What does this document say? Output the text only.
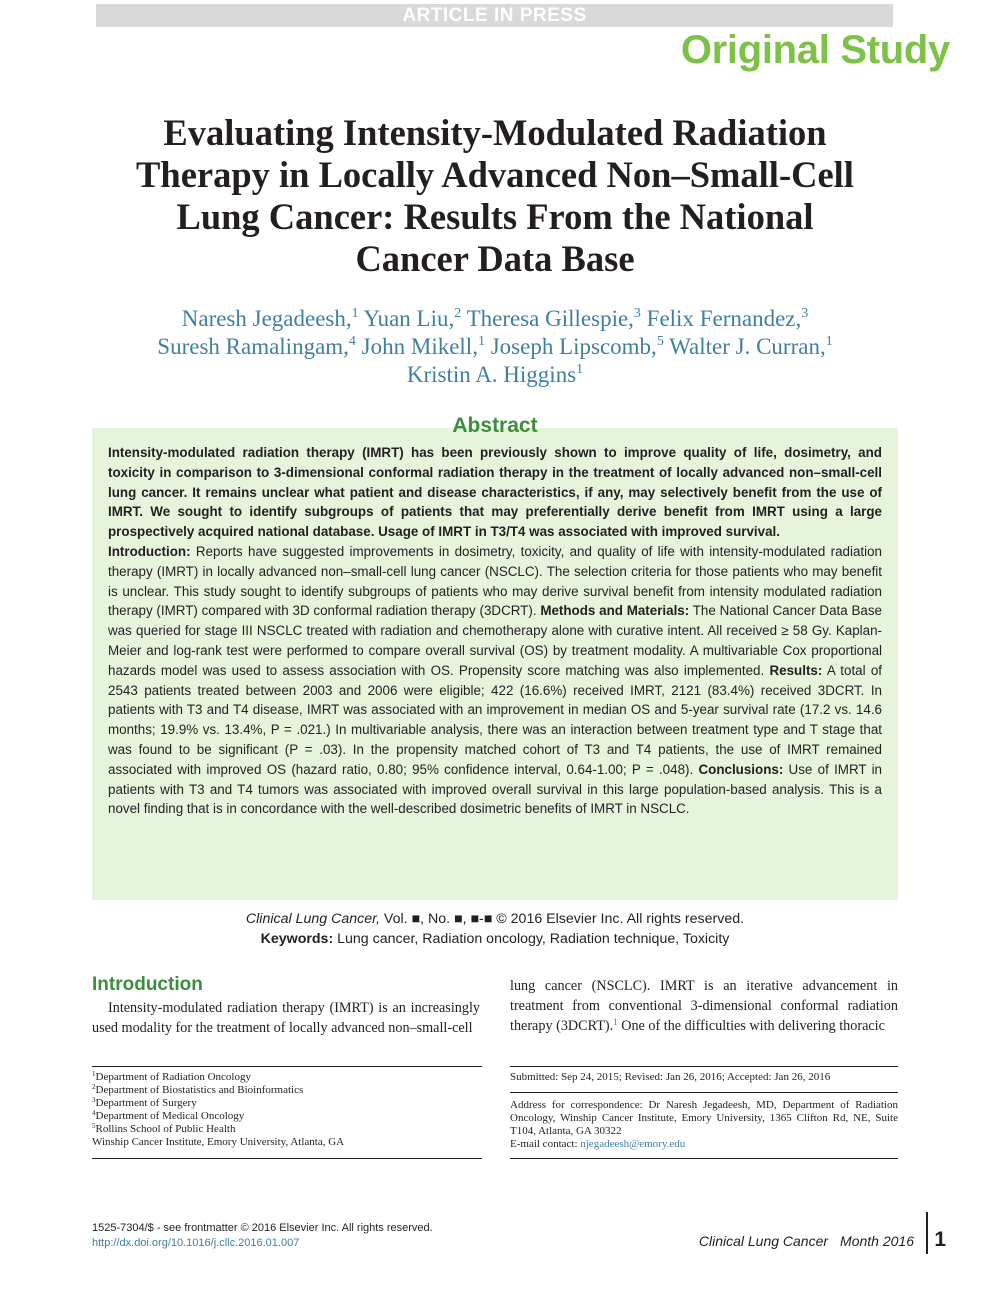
ARTICLE IN PRESS
Original Study
Evaluating Intensity-Modulated Radiation
Therapy in Locally Advanced Non–Small-Cell
Lung Cancer: Results From the National
Cancer Data Base
Naresh Jegadeesh,$^1$ Yuan Liu,$^2$ Theresa Gillespie,$^3$ Felix Fernandez,$^3$
Suresh Ramalingam,$^4$ John Mikell,$^1$ Joseph Lipscomb,$^5$ Walter J. Curran,$^1$
Kristin A. Higgins$^1$

Intensity-modulated radiation therapy (IMRT) has been previously shown to improve quality of life, dosimetry, and toxicity in comparison to 3-dimensional conformal radiation therapy in the treatment of locally advanced non–small-cell lung cancer. It remains unclear what patient and disease characteristics, if any, may selectively benefit from the use of IMRT. We sought to identify subgroups of patients that may preferentially derive benefit from IMRT using a large prospectively acquired national database. Usage of IMRT in T3/T4 was associated with improved survival.

Introduction: Reports have suggested improvements in dosimetry, toxicity, and quality of life with intensity-modulated radiation therapy (IMRT) in locally advanced non–small-cell lung cancer (NSCLC). The selection criteria for those patients who may benefit is unclear. This study sought to identify subgroups of patients who may derive survival benefit from intensity modulated radiation therapy (IMRT) compared with 3D conformal radiation therapy (3DCRT). Methods and Materials: The National Cancer Data Base was queried for stage III NSCLC treated with radiation and chemotherapy alone with curative intent. All received ≥ 58 Gy. Kaplan-Meier and log-rank test were performed to compare overall survival (OS) by treatment modality. A multivariable Cox proportional hazards model was used to assess association with OS. Propensity score matching was also implemented. Results: A total of 2543 patients treated between 2003 and 2006 were eligible; 422 (16.6%) received IMRT, 2121 (83.4%) received 3DCRT. In patients with T3 and T4 disease, IMRT was associated with an improvement in median OS and 5-year survival rate (17.2 vs. 14.6 months; 19.9% vs. 13.4%, P = .021.) In multivariable analysis, there was an interaction between treatment type and T stage that was found to be significant (P = .03). In the propensity matched cohort of T3 and T4 patients, the use of IMRT remained associated with improved OS (hazard ratio, 0.80; 95% confidence interval, 0.64-1.00; P = .048). Conclusions: Use of IMRT in patients with T3 and T4 tumors was associated with improved overall survival in this large population-based analysis. This is a novel finding that is in concordance with the well-described dosimetric benefits of IMRT in NSCLC.

Abstract
Clinical Lung Cancer, Vol. ■, No. ■, ■-■ © 2016 Elsevier Inc. All rights reserved.
Keywords: Lung cancer, Radiation oncology, Radiation technique, Toxicity
Introduction

Intensity-modulated radiation therapy (IMRT) is an increasingly used modality for the treatment of locally advanced non–small-cell

lung cancer (NSCLC). IMRT is an iterative advancement in treatment from conventional 3-dimensional conformal radiation therapy (3DCRT).$^1$ One of the difficulties with delivering thoracic

$^1$Department of Radiation Oncology
$^2$Department of Biostatistics and Bioinformatics
$^3$Department of Surgery
$^4$Department of Medical Oncology
$^5$Rollins School of Public Health
Winship Cancer Institute, Emory University, Atlanta, GA
Submitted: Sep 24, 2015; Revised: Jan 26, 2016; Accepted: Jan 26, 2016
Address for correspondence: Dr Naresh Jegadeesh, MD, Department of Radiation Oncology, Winship Cancer Institute, Emory University, 1365 Clifton Rd, NE, Suite T104, Atlanta, GA 30322
E-mail contact: njegadeesh@emory.edu
1525-7304/$ - see frontmatter © 2016 Elsevier Inc. All rights reserved.
http://dx.doi.org/10.1016/j.cllc.2016.01.007	Clinical Lung Cancer Month 2016 1
